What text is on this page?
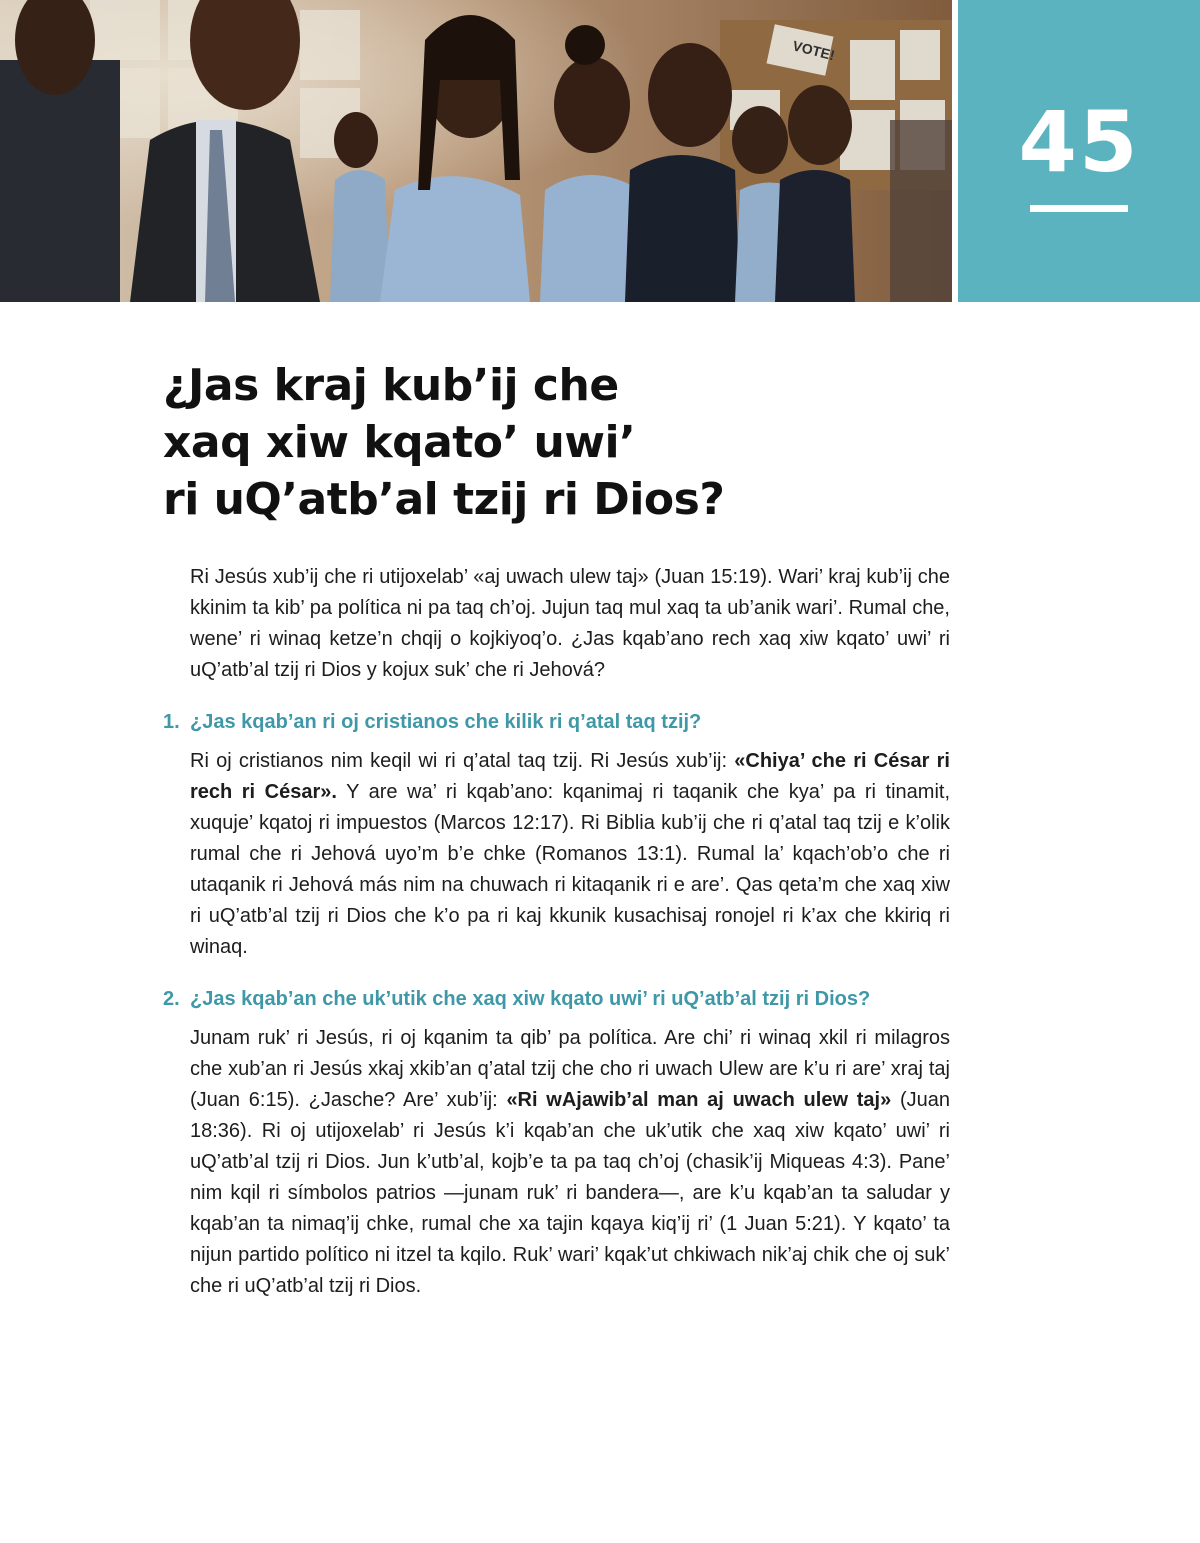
VOTE!
45
¿Jas kraj kub’ij che
xaq xiw kqato’ uwi’
ri uQ’atb’al tzij ri Dios?

Ri Jesús xub’ij che ri utijoxelab’ «aj uwach ulew taj» (Juan 15:19). Wari’ kraj kub’ij che kkinim ta kib’ pa política ni pa taq ch’oj. Jujun taq mul xaq ta ub’anik wari’. Rumal che, wene’ ri winaq ketze’n chqij o kojkiyoq’o. ¿Jas kqab’ano rech xaq xiw kqato’ uwi’ ri uQ’atb’al tzij ri Dios y kojux suk’ che ri Jehová?

1. ¿Jas kqab’an ri oj cristianos che kilik ri q’atal taq tzij?

Ri oj cristianos nim keqil wi ri q’atal taq tzij. Ri Jesús xub’ij: «Chiya’ che ri César ri rech ri César». Y are wa’ ri kqab’ano: kqanimaj ri taqanik che kya’ pa ri tinamit, xuquje’ kqatoj ri impuestos (Marcos 12:17). Ri Biblia kub’ij che ri q’atal taq tzij e k’olik rumal che ri Jehová uyo’m b’e chke (Romanos 13:1). Rumal la’ kqach’ob’o che ri utaqanik ri Jehová más nim na chuwach ri kitaqanik ri e are’. Qas qeta’m che xaq xiw ri uQ’atb’al tzij ri Dios che k’o pa ri kaj kkunik kusachisaj ronojel ri k’ax che kkiriq ri winaq.

2. ¿Jas kqab’an che uk’utik che xaq xiw kqato uwi’ ri uQ’atb’al tzij ri Dios?

Junam ruk’ ri Jesús, ri oj kqanim ta qib’ pa política. Are chi’ ri winaq xkil ri milagros che xub’an ri Jesús xkaj xkib’an q’atal tzij che cho ri uwach Ulew are k’u ri are’ xraj taj (Juan 6:15). ¿Jasche? Are’ xub’ij: «Ri wAjawib’al man aj uwach ulew taj» (Juan 18:36). Ri oj utijoxelab’ ri Jesús k’i kqab’an che uk’utik che xaq xiw kqato’ uwi’ ri uQ’atb’al tzij ri Dios. Jun k’utb’al, kojb’e ta pa taq ch’oj (chasik’ij Miqueas 4:3). Pane’ nim kqil ri símbolos patrios —junam ruk’ ri bandera—, are k’u kqab’an ta saludar y kqab’an ta nimaq’ij chke, rumal che xa tajin kqaya kiq’ij ri’ (1 Juan 5:21). Y kqato’ ta nijun partido político ni itzel ta kqilo. Ruk’ wari’ kqak’ut chkiwach nik’aj chik che oj suk’ che ri uQ’atb’al tzij ri Dios.
